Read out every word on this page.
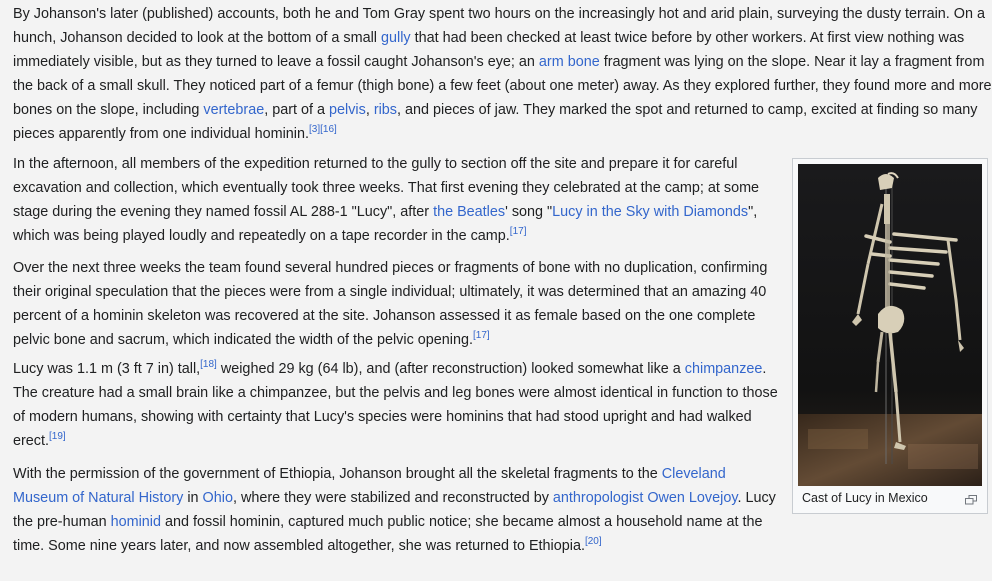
By Johanson's later (published) accounts, both he and Tom Gray spent two hours on the increasingly hot and arid plain, surveying the dusty terrain. On a hunch, Johanson decided to look at the bottom of a small gully that had been checked at least twice before by other workers. At first view nothing was immediately visible, but as they turned to leave a fossil caught Johanson's eye; an arm bone fragment was lying on the slope. Near it lay a fragment from the back of a small skull. They noticed part of a femur (thigh bone) a few feet (about one meter) away. As they explored further, they found more and more bones on the slope, including vertebrae, part of a pelvis, ribs, and pieces of jaw. They marked the spot and returned to camp, excited at finding so many pieces apparently from one individual hominin.[3][16]

In the afternoon, all members of the expedition returned to the gully to section off the site and prepare it for careful excavation and collection, which eventually took three weeks. That first evening they celebrated at the camp; at some stage during the evening they named fossil AL 288-1 "Lucy", after the Beatles' song "Lucy in the Sky with Diamonds", which was being played loudly and repeatedly on a tape recorder in the camp.[17]

Over the next three weeks the team found several hundred pieces or fragments of bone with no duplication, confirming their original speculation that the pieces were from a single individual; ultimately, it was determined that an amazing 40 percent of a hominin skeleton was recovered at the site. Johanson assessed it as female based on the one complete pelvic bone and sacrum, which indicated the width of the pelvic opening.[17]

Lucy was 1.1 m (3 ft 7 in) tall,[18] weighed 29 kg (64 lb), and (after reconstruction) looked somewhat like a chimpanzee. The creature had a small brain like a chimpanzee, but the pelvis and leg bones were almost identical in function to those of modern humans, showing with certainty that Lucy's species were hominins that had stood upright and had walked erect.[19]

With the permission of the government of Ethiopia, Johanson brought all the skeletal fragments to the Cleveland Museum of Natural History in Ohio, where they were stabilized and reconstructed by anthropologist Owen Lovejoy. Lucy the pre-human hominid and fossil hominin, captured much public notice; she became almost a household name at the time. Some nine years later, and now assembled altogether, she was returned to Ethiopia.[20]

Cast of Lucy in Mexico
